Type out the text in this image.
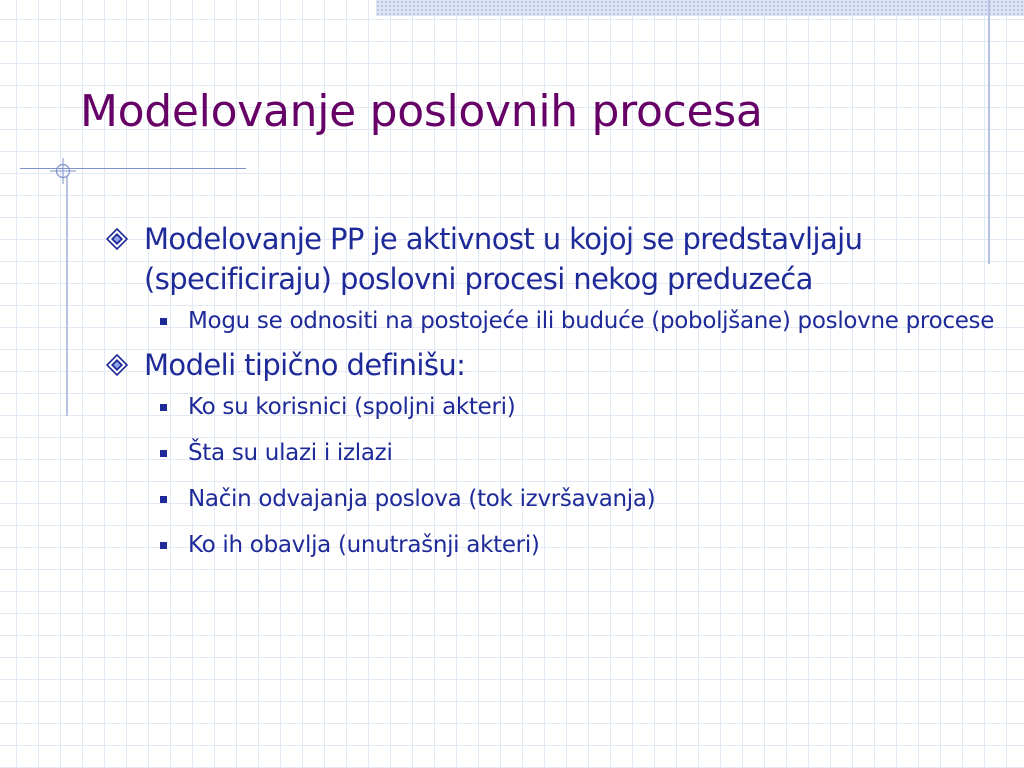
Modelovanje poslovnih procesa
Modelovanje PP je aktivnost u kojoj se predstavljaju (specificiraju) poslovni procesi nekog preduzeća
Mogu se odnositi na postojeće ili buduće (poboljšane) poslovne procese
Modeli tipično definišu:
Ko su korisnici (spoljni akteri)
Šta su ulazi i izlazi
Način odvajanja poslova (tok izvršavanja)
Ko ih obavlja (unutrašnji akteri)
